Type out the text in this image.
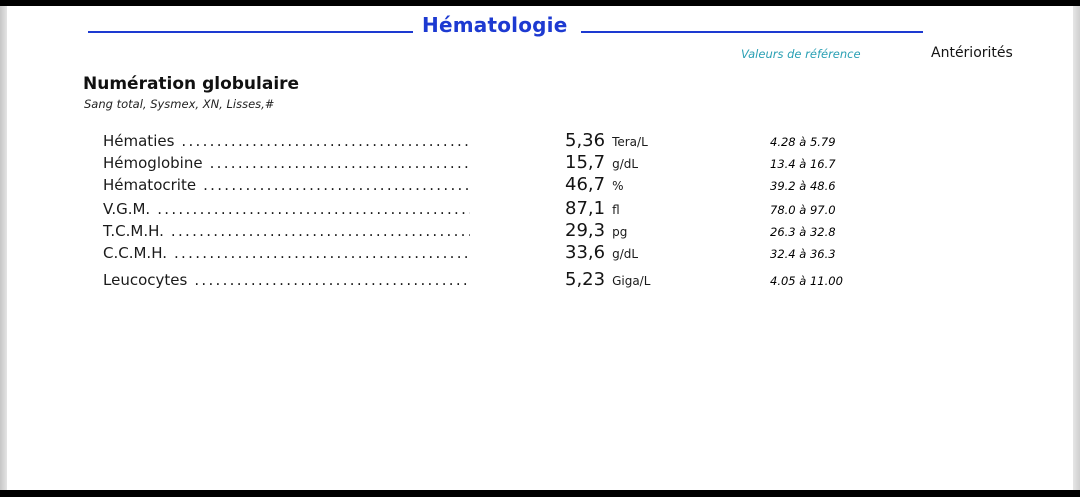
Hématologie
Valeurs de référence	Antériorités
Numération globulaire
Sang total, Sysmex, XN, Lisses,#
Hématies .....	5,36 Tera/L	4.28 à 5.79
Hémoglobine .....	15,7 g/dL	13.4 à 16.7
Hématocrite .....	46,7 %	39.2 à 48.6
V.G.M. .....	87,1 fl	78.0 à 97.0
T.C.M.H. .....	29,3 pg	26.3 à 32.8
C.C.M.H. .....	33,6 g/dL	32.4 à 36.3
Leucocytes .....	5,23 Giga/L	4.05 à 11.00
